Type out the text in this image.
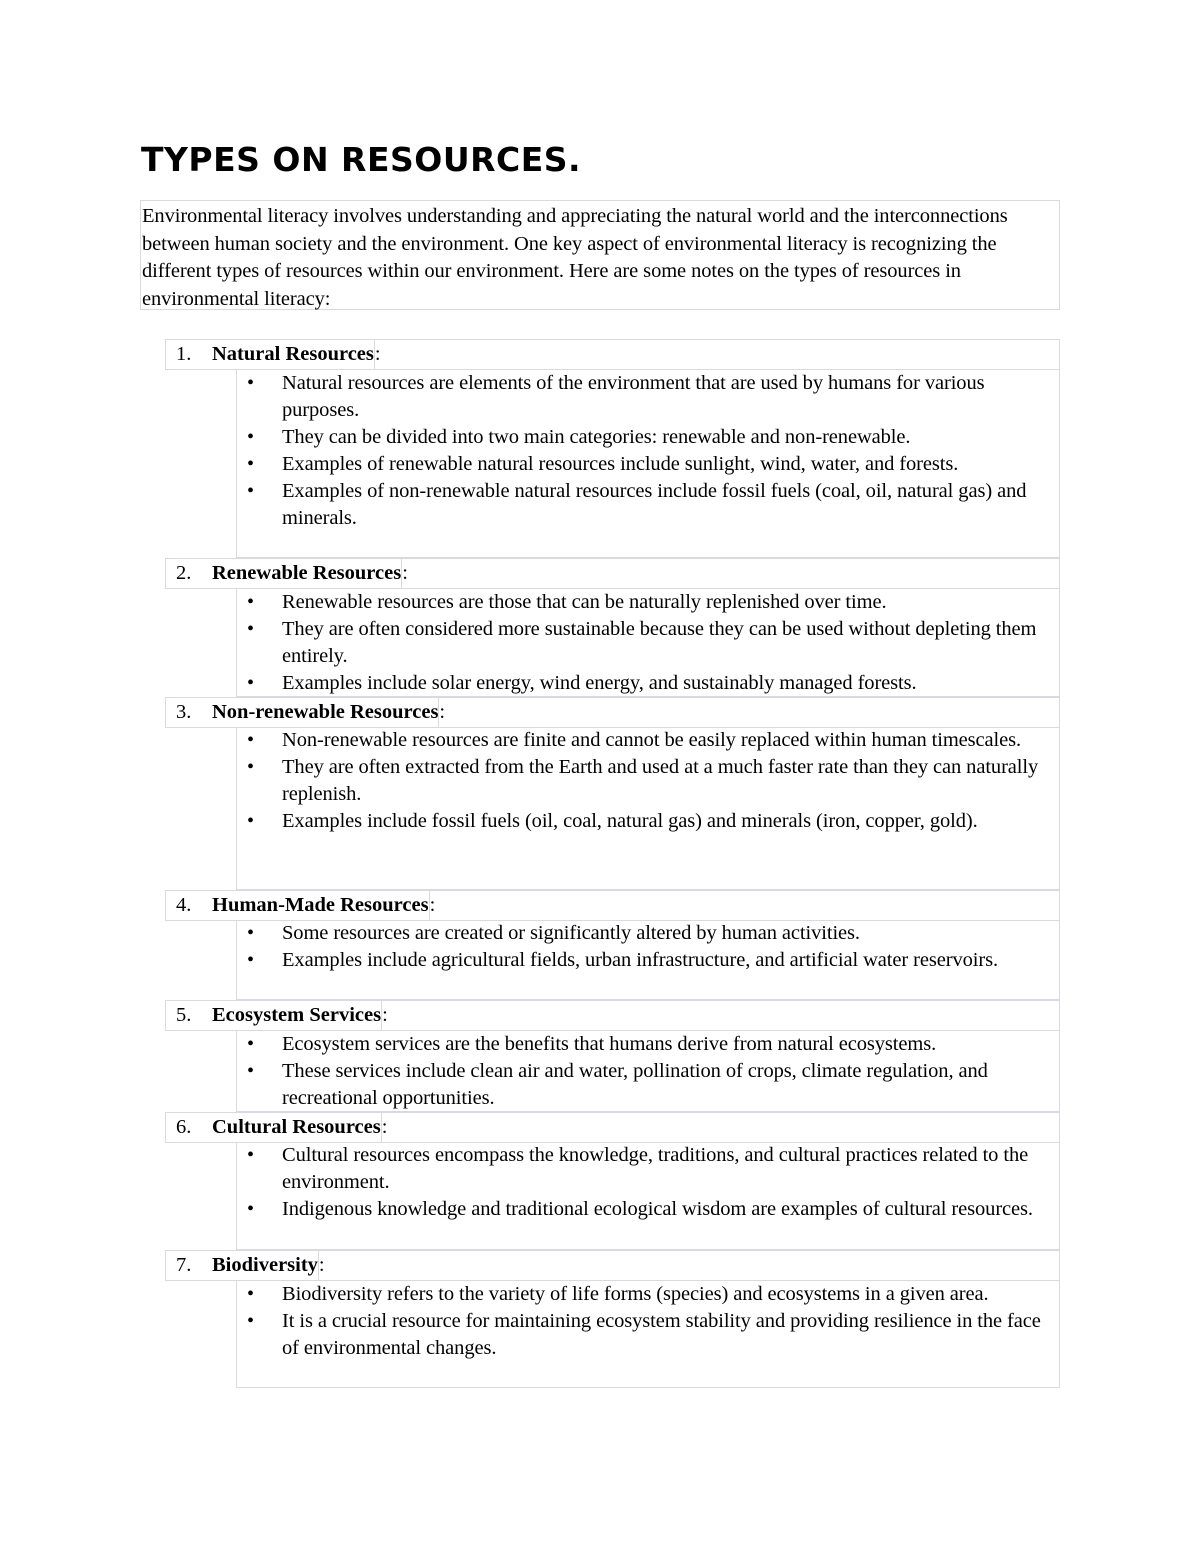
TYPES ON RESOURCES.
Environmental literacy involves understanding and appreciating the natural world and the interconnections between human society and the environment. One key aspect of environmental literacy is recognizing the different types of resources within our environment. Here are some notes on the types of resources in environmental literacy:
1. Natural Resources:
• Natural resources are elements of the environment that are used by humans for various purposes.
• They can be divided into two main categories: renewable and non-renewable.
• Examples of renewable natural resources include sunlight, wind, water, and forests.
• Examples of non-renewable natural resources include fossil fuels (coal, oil, natural gas) and minerals.
2. Renewable Resources:
• Renewable resources are those that can be naturally replenished over time.
• They are often considered more sustainable because they can be used without depleting them entirely.
• Examples include solar energy, wind energy, and sustainably managed forests.
3. Non-renewable Resources:
• Non-renewable resources are finite and cannot be easily replaced within human timescales.
• They are often extracted from the Earth and used at a much faster rate than they can naturally replenish.
• Examples include fossil fuels (oil, coal, natural gas) and minerals (iron, copper, gold).
4. Human-Made Resources:
• Some resources are created or significantly altered by human activities.
• Examples include agricultural fields, urban infrastructure, and artificial water reservoirs.
5. Ecosystem Services:
• Ecosystem services are the benefits that humans derive from natural ecosystems.
• These services include clean air and water, pollination of crops, climate regulation, and recreational opportunities.
6. Cultural Resources:
• Cultural resources encompass the knowledge, traditions, and cultural practices related to the environment.
• Indigenous knowledge and traditional ecological wisdom are examples of cultural resources.
7. Biodiversity:
• Biodiversity refers to the variety of life forms (species) and ecosystems in a given area.
• It is a crucial resource for maintaining ecosystem stability and providing resilience in the face of environmental changes.
